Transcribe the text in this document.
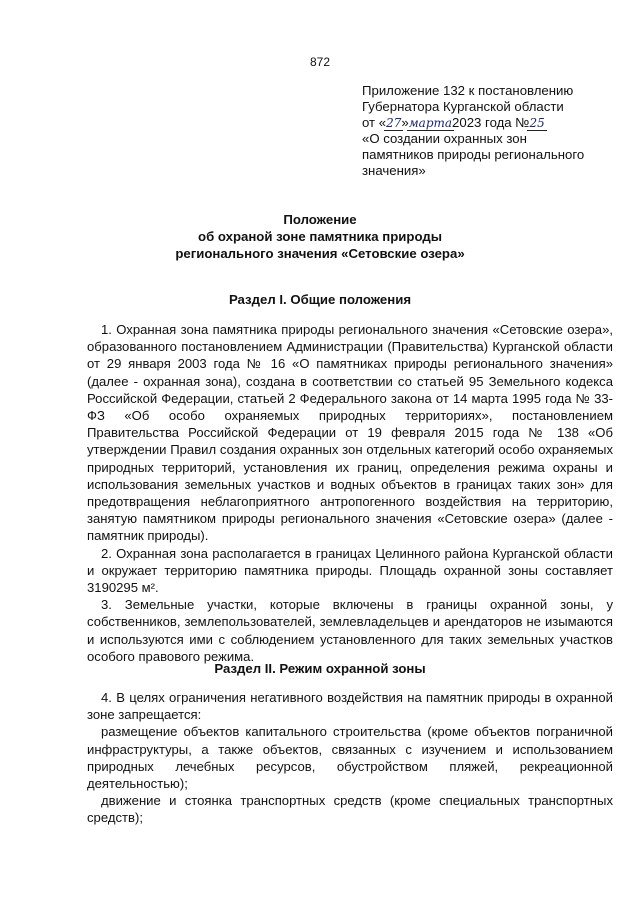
872
Приложение 132 к постановлению
Губернатора Курганской области
от «27
»марта
2023 года №25
«О создании охранных зон
памятников природы регионального
значения»
Положение
об охраной зоне памятника природы
регионального значения «Сетовские озера»
Раздел I. Общие положения

1. Охранная зона памятника природы регионального значения «Сетовские озера», образованного постановлением Администрации (Правительства) Курганской области от 29 января 2003 года № 16 «О памятниках природы регионального значения» (далее - охранная зона), создана в соответствии со статьей 95 Земельного кодекса Российской Федерации, статьей 2 Федерального закона от 14 марта 1995 года № 33-ФЗ «Об особо охраняемых природных территориях», постановлением Правительства Российской Федерации от 19 февраля 2015 года № 138 «Об утверждении Правил создания охранных зон отдельных категорий особо охраняемых природных территорий, установления их границ, определения режима охраны и использования земельных участков и водных объектов в границах таких зон» для предотвращения неблагоприятного антропогенного воздействия на территорию, занятую памятником природы регионального значения «Сетовские озера» (далее - памятник природы).

2. Охранная зона располагается в границах Целинного района Курганской области и окружает территорию памятника природы. Площадь охранной зоны составляет 3190295 м².

3. Земельные участки, которые включены в границы охранной зоны, у собственников, землепользователей, землевладельцев и арендаторов не изымаются и используются ими с соблюдением установленного для таких земельных участков особого правового режима.

Раздел II. Режим охранной зоны

4. В целях ограничения негативного воздействия на памятник природы в охранной зоне запрещается:

размещение объектов капитального строительства (кроме объектов пограничной инфраструктуры, а также объектов, связанных с изучением и использованием природных лечебных ресурсов, обустройством пляжей, рекреационной деятельностью);

движение и стоянка транспортных средств (кроме специальных транспортных средств);
